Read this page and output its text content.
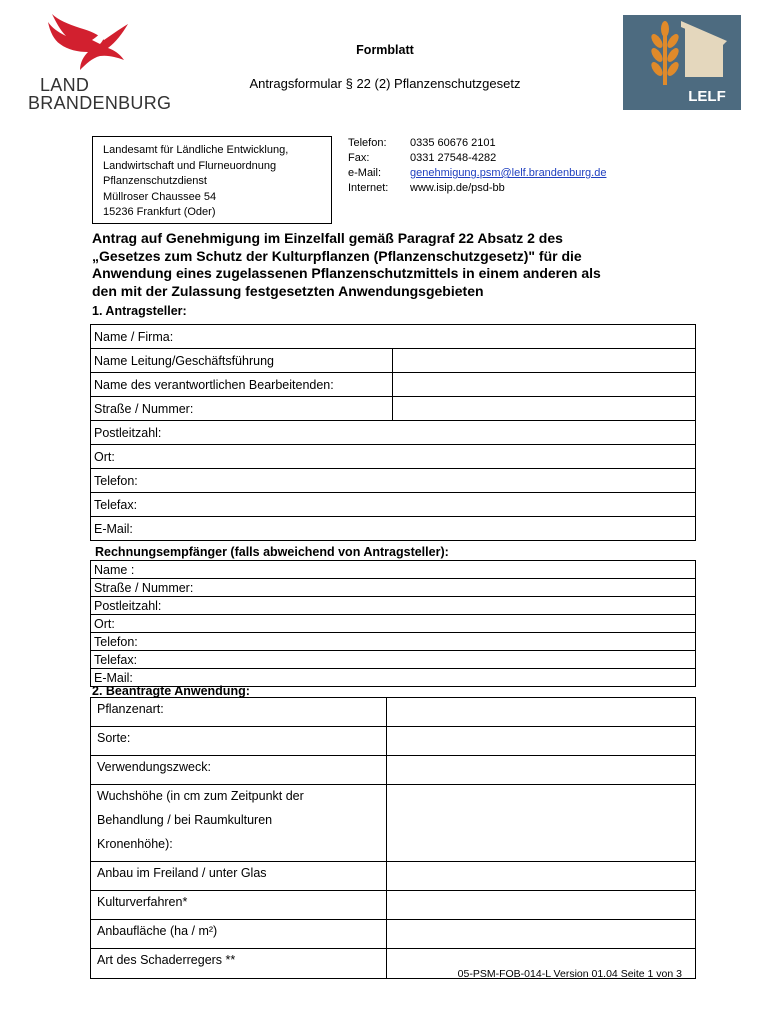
LAND
BRANDENBURG
Formblatt
Antragsformular § 22 (2) Pflanzenschutzgesetz
LELF
Landesamt für Ländliche Entwicklung,
Landwirtschaft und Flurneuordnung
Pflanzenschutzdienst
Müllroser Chaussee 54
15236 Frankfurt (Oder)
Telefon:	0335 60676 2101
Fax:	0331 27548-4282
e-Mail:	genehmigung.psm@lelf.brandenburg.de
Internet:	www.isip.de/psd-bb
Antrag auf Genehmigung im Einzelfall gemäß Paragraf 22 Absatz 2 des
„Gesetzes zum Schutz der Kulturpflanzen (Pflanzenschutzgesetz)" für die
Anwendung eines zugelassenen Pflanzenschutzmittels in einem anderen als
den mit der Zulassung festgesetzten Anwendungsgebieten
1. Antragsteller:
Name / Firma:	
Name Leitung/Geschäftsführung	
Name des verantwortlichen Bearbeitenden:	
Straße / Nummer:	
Postleitzahl:	
Ort:	
Telefon:	
Telefax:	
E-Mail:	
Rechnungsempfänger (falls abweichend von Antragsteller):
Name :
Straße / Nummer:
Postleitzahl:
Ort:
Telefon:
Telefax:
E-Mail:
2. Beantragte Anwendung:
Pflanzenart:	

Sorte:	

Verwendungszweck:	

Wuchshöhe (in cm zum Zeitpunkt der
Behandlung / bei Raumkulturen
Kronenhöhe):	

Anbau im Freiland / unter Glas	

Kulturverfahren*	

Anbaufläche (ha / m²)	

Art des Schaderregers **	

05-PSM-FOB-014-L Version 01.04 Seite 1 von 3
